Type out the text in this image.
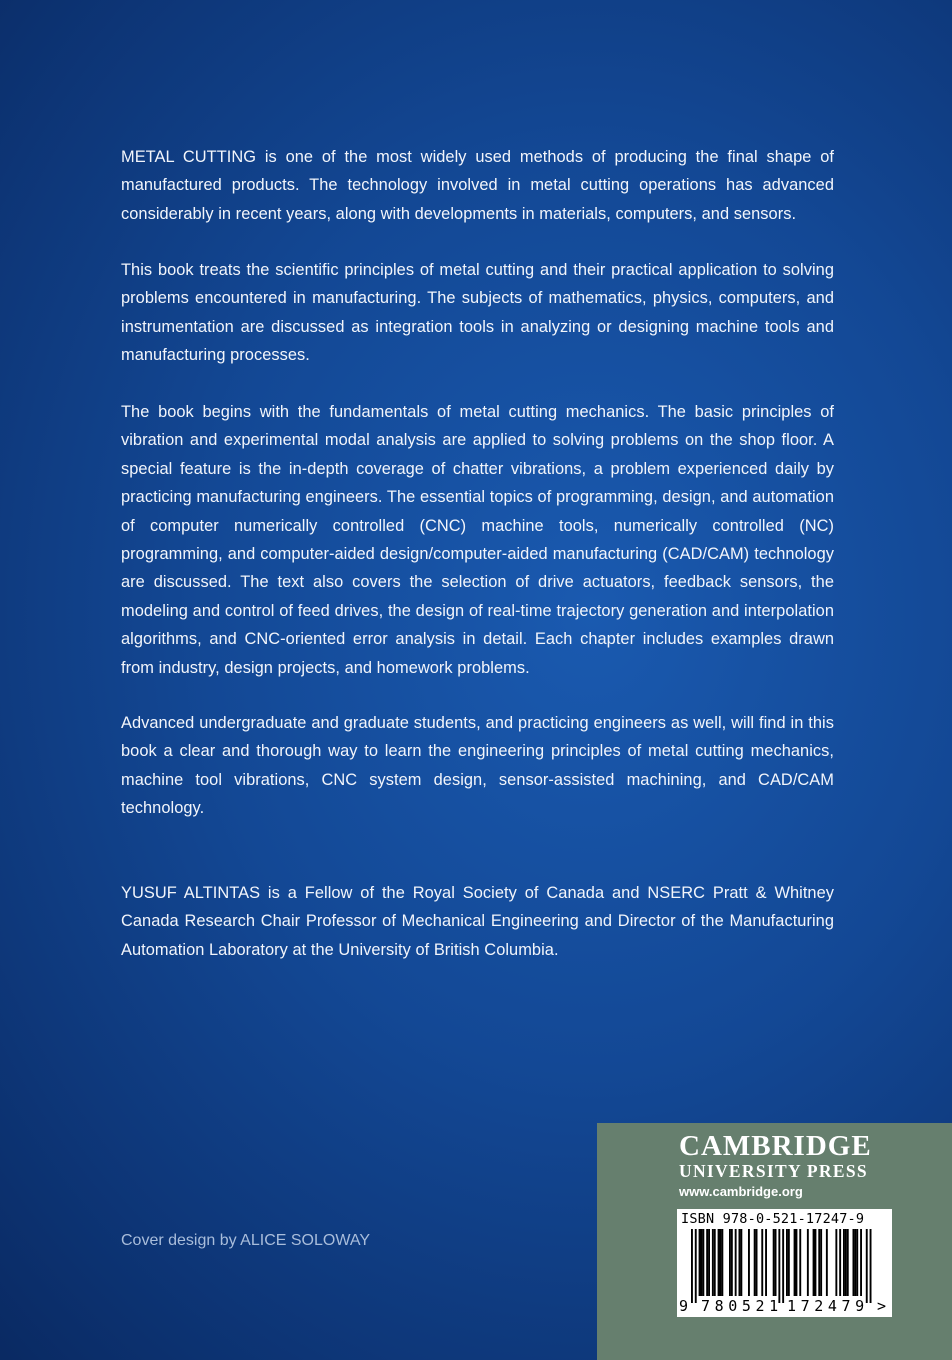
METAL CUTTING is one of the most widely used methods of producing the final shape of manufactured products. The technology involved in metal cutting operations has advanced considerably in recent years, along with developments in materials, computers, and sensors.

This book treats the scientific principles of metal cutting and their practical application to solving problems encountered in manufacturing. The subjects of mathematics, physics, computers, and instrumentation are discussed as integration tools in analyzing or designing machine tools and manufacturing processes.

The book begins with the fundamentals of metal cutting mechanics. The basic principles of vibration and experimental modal analysis are applied to solving problems on the shop floor. A special feature is the in-depth coverage of chatter vibrations, a problem experienced daily by practicing manufacturing engineers. The essential topics of programming, design, and automation of computer numerically controlled (CNC) machine tools, numerically controlled (NC) programming, and computer-aided design/computer-aided manufacturing (CAD/CAM) technology are discussed. The text also covers the selection of drive actuators, feedback sensors, the modeling and control of feed drives, the design of real-time trajectory generation and interpolation algorithms, and CNC-oriented error analysis in detail. Each chapter includes examples drawn from industry, design projects, and homework problems.

Advanced undergraduate and graduate students, and practicing engineers as well, will find in this book a clear and thorough way to learn the engineering principles of metal cutting mechanics, machine tool vibrations, CNC system design, sensor-assisted machining, and CAD/CAM technology.

YUSUF ALTINTAS is a Fellow of the Royal Society of Canada and NSERC Pratt & Whitney Canada Research Chair Professor of Mechanical Engineering and Director of the Manufacturing Automation Laboratory at the University of British Columbia.

Cover design by ALICE SOLOWAY

CAMBRIDGE
UNIVERSITY PRESS
www.cambridge.org
ISBN 978-0-521-17247-9
9 780521 172479 >
